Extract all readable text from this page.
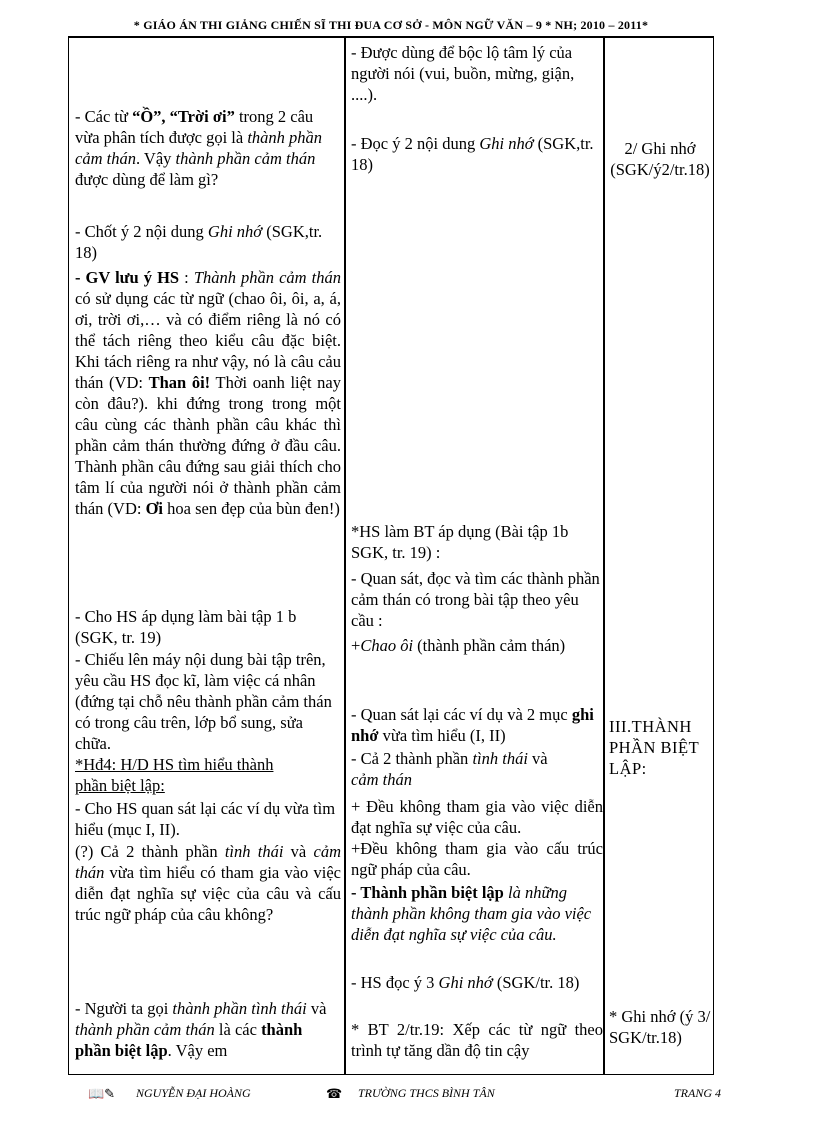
* GIÁO ÁN THI GIẢNG CHIẾN SĨ THI ĐUA CƠ SỞ - MÔN NGỮ VĂN – 9 * NH; 2010 – 2011*
- Các từ “Ồ”, “Trời ơi” trong 2 câu vừa phân tích được gọi là thành phần cảm thán. Vậy thành phần cảm thán được dùng để làm gì?
- Chốt ý 2 nội dung Ghi nhớ (SGK,tr. 18)
- GV lưu ý HS : Thành phần cảm thán có sử dụng các từ ngữ (chao ôi, ôi, a, á, ơi, trời ơi,… và có điểm riêng là nó có thể tách riêng theo kiểu câu đặc biệt. Khi tách riêng ra như vậy, nó là câu cảu thán (VD: Than ôi! Thời oanh liệt nay còn đâu?). khi đứng trong trong một câu cùng các thành phần câu khác thì phần cảm thán thường đứng ở đầu câu. Thành phần câu đứng sau giải thích cho tâm lí của người nói ở thành phần cảm thán (VD: Ơi hoa sen đẹp của bùn đen!)
- Cho HS áp dụng làm bài tập 1 b (SGK, tr. 19)
- Chiếu lên máy nội dung bài tập trên, yêu cầu HS đọc kĩ, làm việc cá nhân (đứng tại chỗ nêu thành phần cảm thán có trong câu trên, lớp bổ sung, sửa chữa.
*Hđ4: H/D HS tìm hiểu thành
phần biệt lập:
- Cho HS quan sát lại các ví dụ vừa tìm hiểu (mục I, II).
(?) Cả 2 thành phần tình thái và cảm thán vừa tìm hiểu có tham gia vào việc diễn đạt nghĩa sự việc của câu và cấu trúc ngữ pháp của câu không?
- Người ta gọi thành phần tình thái và thành phần cảm thán là các thành phần biệt lập. Vậy em
- Được dùng để bộc lộ tâm lý của người nói (vui, buồn, mừng, giận, ....).
- Đọc ý 2 nội dung Ghi nhớ (SGK,tr. 18)
*HS làm BT áp dụng (Bài tập 1b SGK, tr. 19) :
- Quan sát, đọc và tìm các thành phần cảm thán có trong bài tập theo yêu cầu :
+Chao ôi (thành phần cảm thán)
- Quan sát lại các ví dụ và 2 mục ghi nhớ vừa tìm hiểu (I, II)
- Cả 2 thành phần tình thái và
cảm thán
+ Đều không tham gia vào việc diễn đạt nghĩa sự việc của câu.
+Đều không tham gia vào cấu trúc ngữ pháp của câu.
- Thành phần biệt lập là những thành phần không tham gia vào việc diễn đạt nghĩa sự việc của câu.
- HS đọc ý 3 Ghi nhớ (SGK/tr. 18)
* BT 2/tr.19: Xếp các từ ngữ theo trình tự tăng dần độ tin cậy
2/ Ghi nhớ (SGK/ý2/tr.18)
III.THÀNH PHẦN BIỆT LẬP:
* Ghi nhớ (ý 3/ SGK/tr.18)
📖✎ NGUYỄN ĐẠI HOÀNG	☎ TRƯỜNG THCS BÌNH TÂN	TRANG 4
